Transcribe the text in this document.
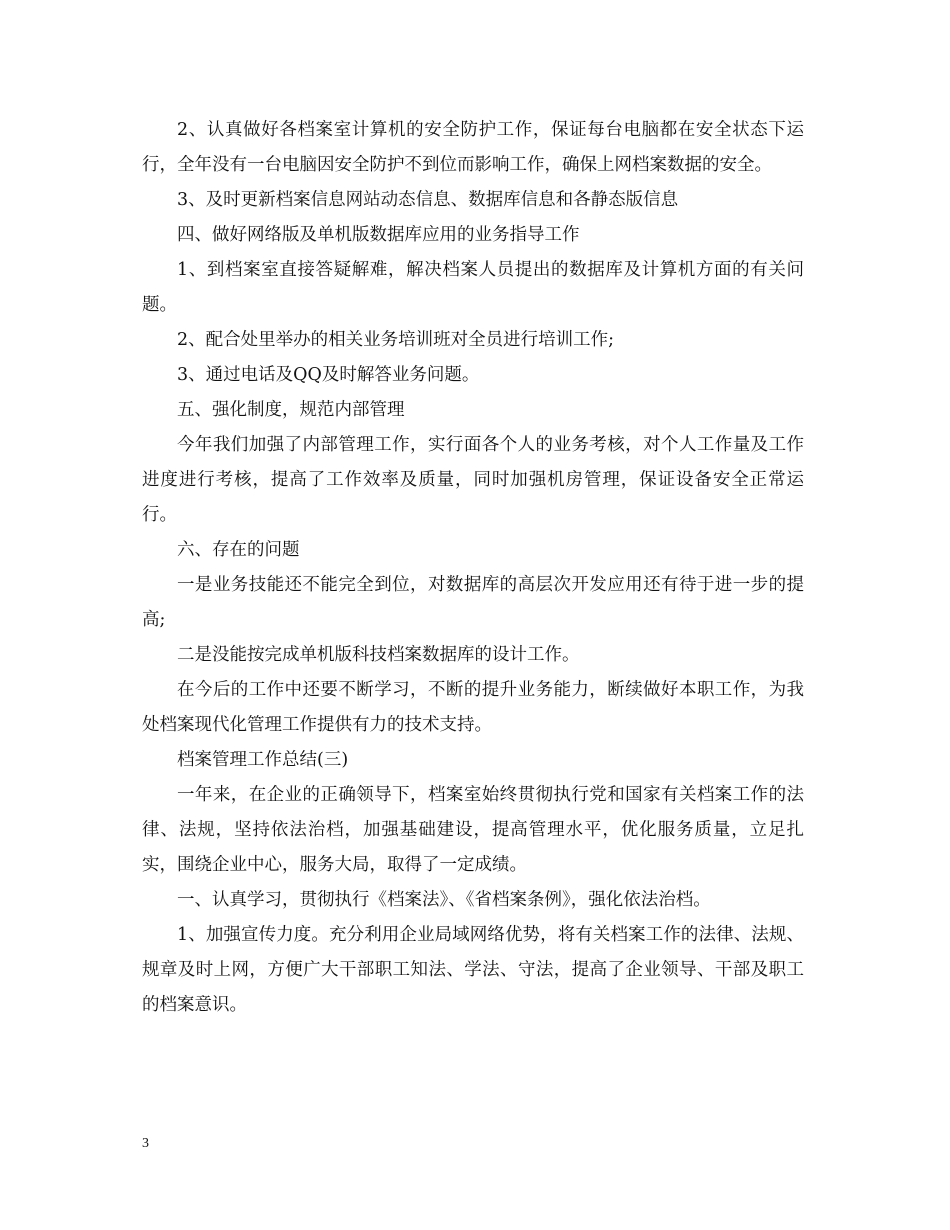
2、认真做好各档案室计算机的安全防护工作，保证每台电脑都在安全状态下运行，全年没有一台电脑因安全防护不到位而影响工作，确保上网档案数据的安全。

3、及时更新档案信息网站动态信息、数据库信息和各静态版信息

四、做好网络版及单机版数据库应用的业务指导工作

1、到档案室直接答疑解难，解决档案人员提出的数据库及计算机方面的有关问题。

2、配合处里举办的相关业务培训班对全员进行培训工作;

3、通过电话及QQ及时解答业务问题。

五、强化制度，规范内部管理

今年我们加强了内部管理工作，实行面各个人的业务考核，对个人工作量及工作进度进行考核，提高了工作效率及质量，同时加强机房管理，保证设备安全正常运行。

六、存在的问题

一是业务技能还不能完全到位，对数据库的高层次开发应用还有待于进一步的提高;

二是没能按完成单机版科技档案数据库的设计工作。

在今后的工作中还要不断学习，不断的提升业务能力，断续做好本职工作，为我处档案现代化管理工作提供有力的技术支持。

档案管理工作总结(三)

一年来，在企业的正确领导下，档案室始终贯彻执行党和国家有关档案工作的法律、法规，坚持依法治档，加强基础建设，提高管理水平，优化服务质量，立足扎实，围绕企业中心，服务大局，取得了一定成绩。

一、认真学习，贯彻执行《档案法》、《省档案条例》，强化依法治档。

1、加强宣传力度。充分利用企业局域网络优势，将有关档案工作的法律、法规、规章及时上网，方便广大干部职工知法、学法、守法，提高了企业领导、干部及职工的档案意识。

3
